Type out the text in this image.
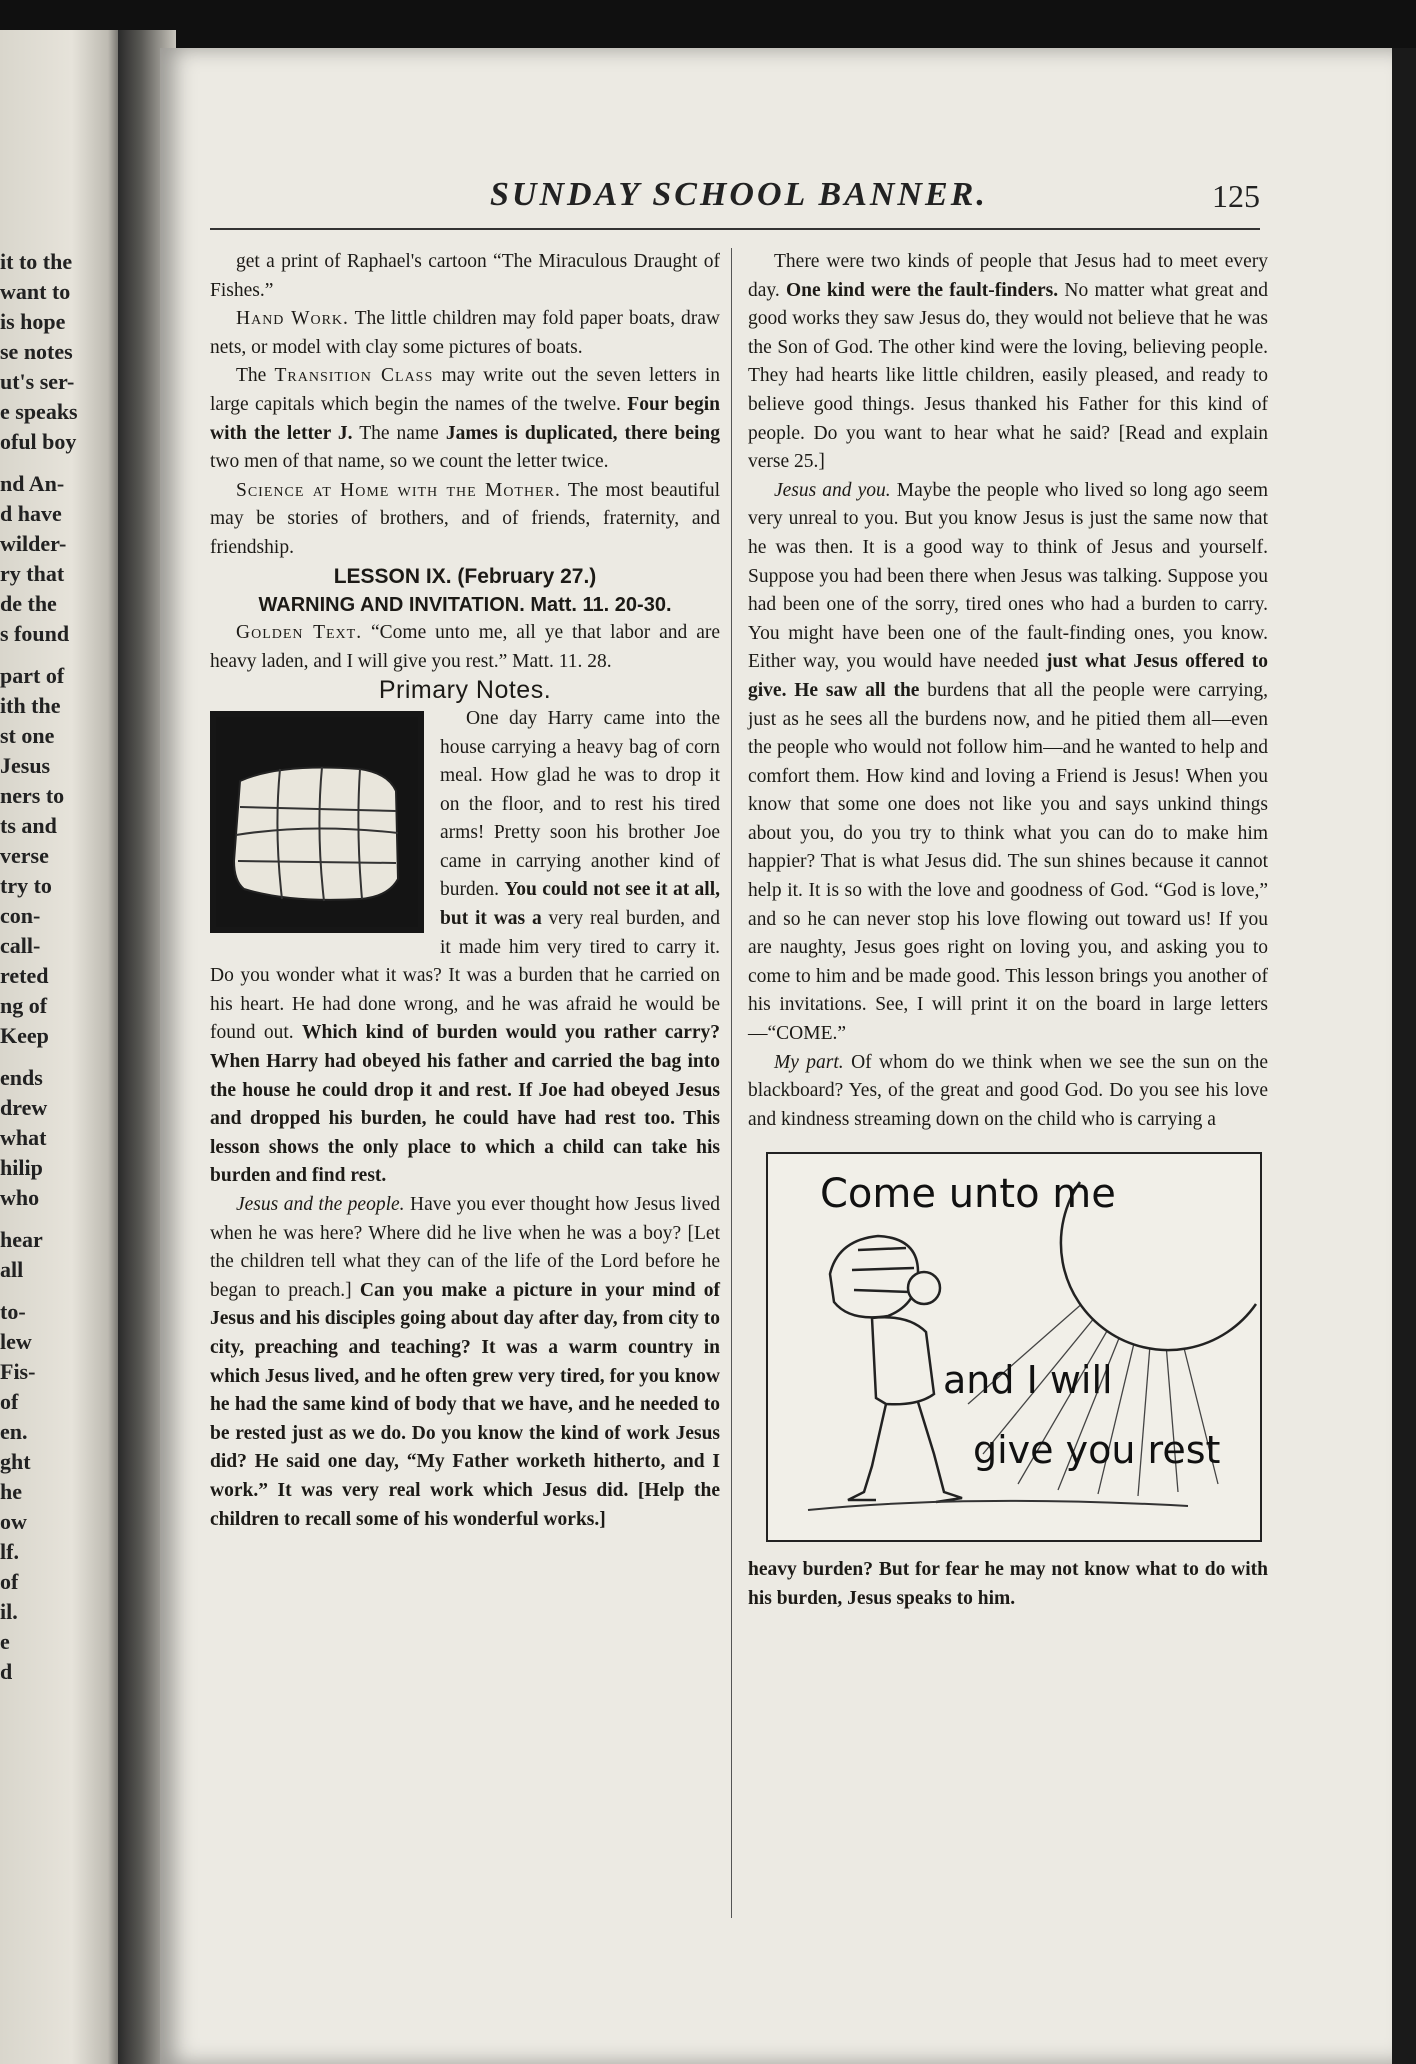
it to the
want to
is hope
se notes
ut's ser-
e speaks
oful boy
nd An-
d have
wilder-
ry that
de the
s found
part of
ith the
st one
Jesus
ners to
ts and
verse
try to
con-
call-
reted
ng of
Keep
ends
drew
what
hilip
who
hear
all
to-
lew
Fis-
of
en.
ght
he
ow
lf.
of
il.
e
d
SUNDAY SCHOOL BANNER.	125

get a print of Raphael's cartoon “The Miraculous Draught of Fishes.”

Hand Work. The little children may fold paper boats, draw nets, or model with clay some pictures of boats.

The Transition Class may write out the seven letters in large capitals which begin the names of the twelve. Four begin with the letter J. The name James is duplicated, there being two men of that name, so we count the letter twice.

Science at Home with the Mother. The most beautiful may be stories of brothers, and of friends, fraternity, and friendship.

LESSON IX. (February 27.)

WARNING AND INVITATION. Matt. 11. 20-30.

Golden Text. “Come unto me, all ye that labor and are heavy laden, and I will give you rest.” Matt. 11. 28.

Primary Notes.

One day Harry came into the house carrying a heavy bag of corn meal. How glad he was to drop it on the floor, and to rest his tired arms! Pretty soon his brother Joe came in carrying another kind of burden. You could not see it at all, but it was a very real burden, and it made him very tired to carry it. Do you wonder what it was? It was a burden that he carried on his heart. He had done wrong, and he was afraid he would be found out. Which kind of burden would you rather carry? When Harry had obeyed his father and carried the bag into the house he could drop it and rest. If Joe had obeyed Jesus and dropped his burden, he could have had rest too. This lesson shows the only place to which a child can take his burden and find rest.

Jesus and the people. Have you ever thought how Jesus lived when he was here? Where did he live when he was a boy? [Let the children tell what they can of the life of the Lord before he began to preach.] Can you make a picture in your mind of Jesus and his disciples going about day after day, from city to city, preaching and teaching? It was a warm country in which Jesus lived, and he often grew very tired, for you know he had the same kind of body that we have, and he needed to be rested just as we do. Do you know the kind of work Jesus did? He said one day, “My Father worketh hitherto, and I work.” It was very real work which Jesus did. [Help the children to recall some of his wonderful works.]

There were two kinds of people that Jesus had to meet every day. One kind were the fault-finders. No matter what great and good works they saw Jesus do, they would not believe that he was the Son of God. The other kind were the loving, believing people. They had hearts like little children, easily pleased, and ready to believe good things. Jesus thanked his Father for this kind of people. Do you want to hear what he said? [Read and explain verse 25.]

Jesus and you. Maybe the people who lived so long ago seem very unreal to you. But you know Jesus is just the same now that he was then. It is a good way to think of Jesus and yourself. Suppose you had been there when Jesus was talking. Suppose you had been one of the sorry, tired ones who had a burden to carry. You might have been one of the fault-finding ones, you know. Either way, you would have needed just what Jesus offered to give. He saw all the burdens that all the people were carrying, just as he sees all the burdens now, and he pitied them all—even the people who would not follow him—and he wanted to help and comfort them. How kind and loving a Friend is Jesus! When you know that some one does not like you and says unkind things about you, do you try to think what you can do to make him happier? That is what Jesus did. The sun shines because it cannot help it. It is so with the love and goodness of God. “God is love,” and so he can never stop his love flowing out toward us! If you are naughty, Jesus goes right on loving you, and asking you to come to him and be made good. This lesson brings you another of his invitations. See, I will print it on the board in large letters—“COME.”

My part. Of whom do we think when we see the sun on the blackboard? Yes, of the great and good God. Do you see his love and kindness streaming down on the child who is carrying a

Come unto me
and I will
give you rest

heavy burden? But for fear he may not know what to do with his burden, Jesus speaks to him.
